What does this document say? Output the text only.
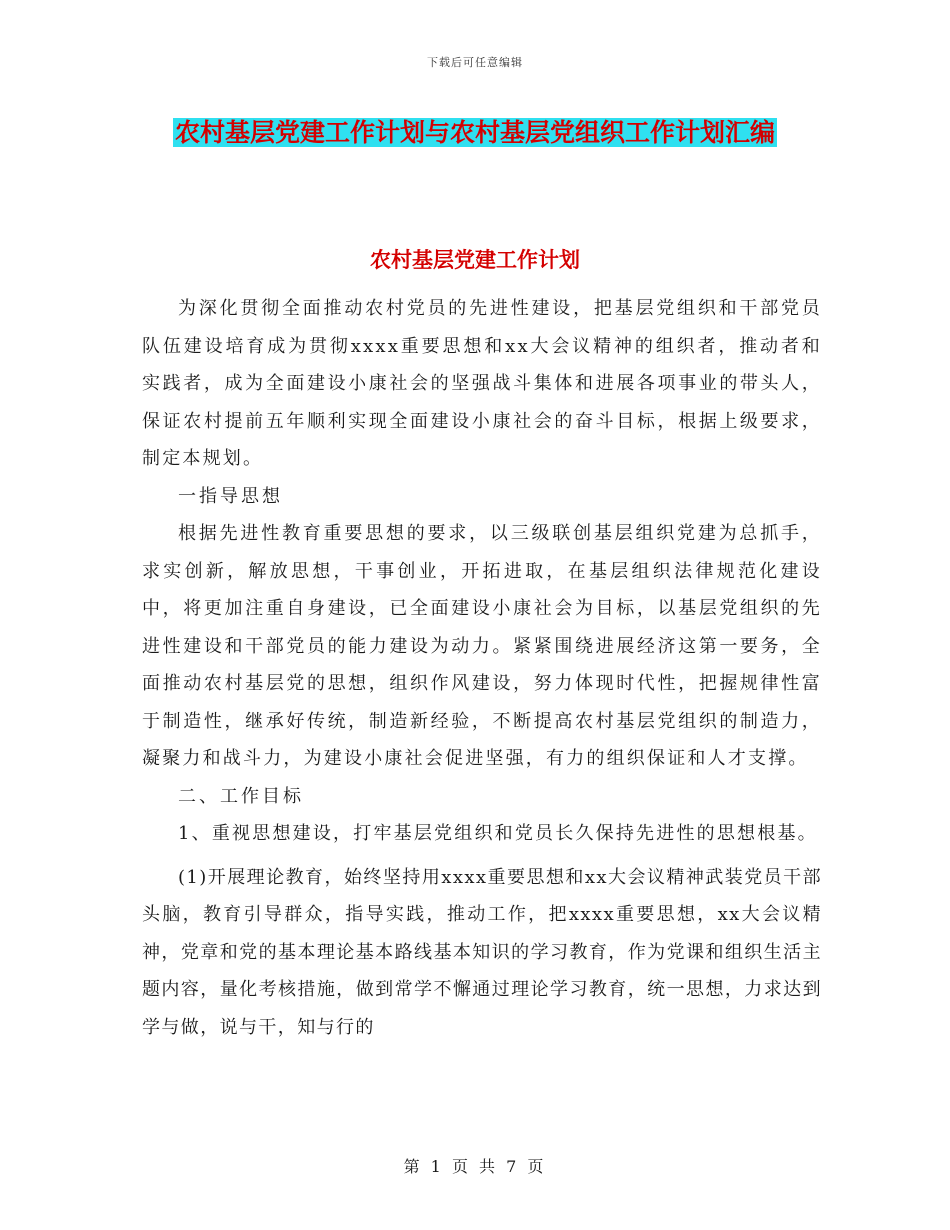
下载后可任意编辑
农村基层党建工作计划与农村基层党组织工作计划汇编
农村基层党建工作计划

为深化贯彻全面推动农村党员的先进性建设，把基层党组织和干部党员队伍建设培育成为贯彻xxxx重要思想和xx大会议精神的组织者，推动者和实践者，成为全面建设小康社会的坚强战斗集体和进展各项事业的带头人，保证农村提前五年顺利实现全面建设小康社会的奋斗目标，根据上级要求，制定本规划。

一指导思想

根据先进性教育重要思想的要求，以三级联创基层组织党建为总抓手，求实创新，解放思想，干事创业，开拓进取，在基层组织法律规范化建设中，将更加注重自身建设，已全面建设小康社会为目标，以基层党组织的先进性建设和干部党员的能力建设为动力。紧紧围绕进展经济这第一要务，全面推动农村基层党的思想，组织作风建设，努力体现时代性，把握规律性富于制造性，继承好传统，制造新经验，不断提高农村基层党组织的制造力，凝聚力和战斗力，为建设小康社会促进坚强，有力的组织保证和人才支撑。

二、工作目标

1、重视思想建设，打牢基层党组织和党员长久保持先进性的思想根基。

(1)开展理论教育，始终坚持用xxxx重要思想和xx大会议精神武装党员干部头脑，教育引导群众，指导实践，推动工作，把xxxx重要思想，xx大会议精神，党章和党的基本理论基本路线基本知识的学习教育，作为党课和组织生活主题内容，量化考核措施，做到常学不懈通过理论学习教育，统一思想，力求达到学与做，说与干，知与行的

第 1 页 共 7 页
